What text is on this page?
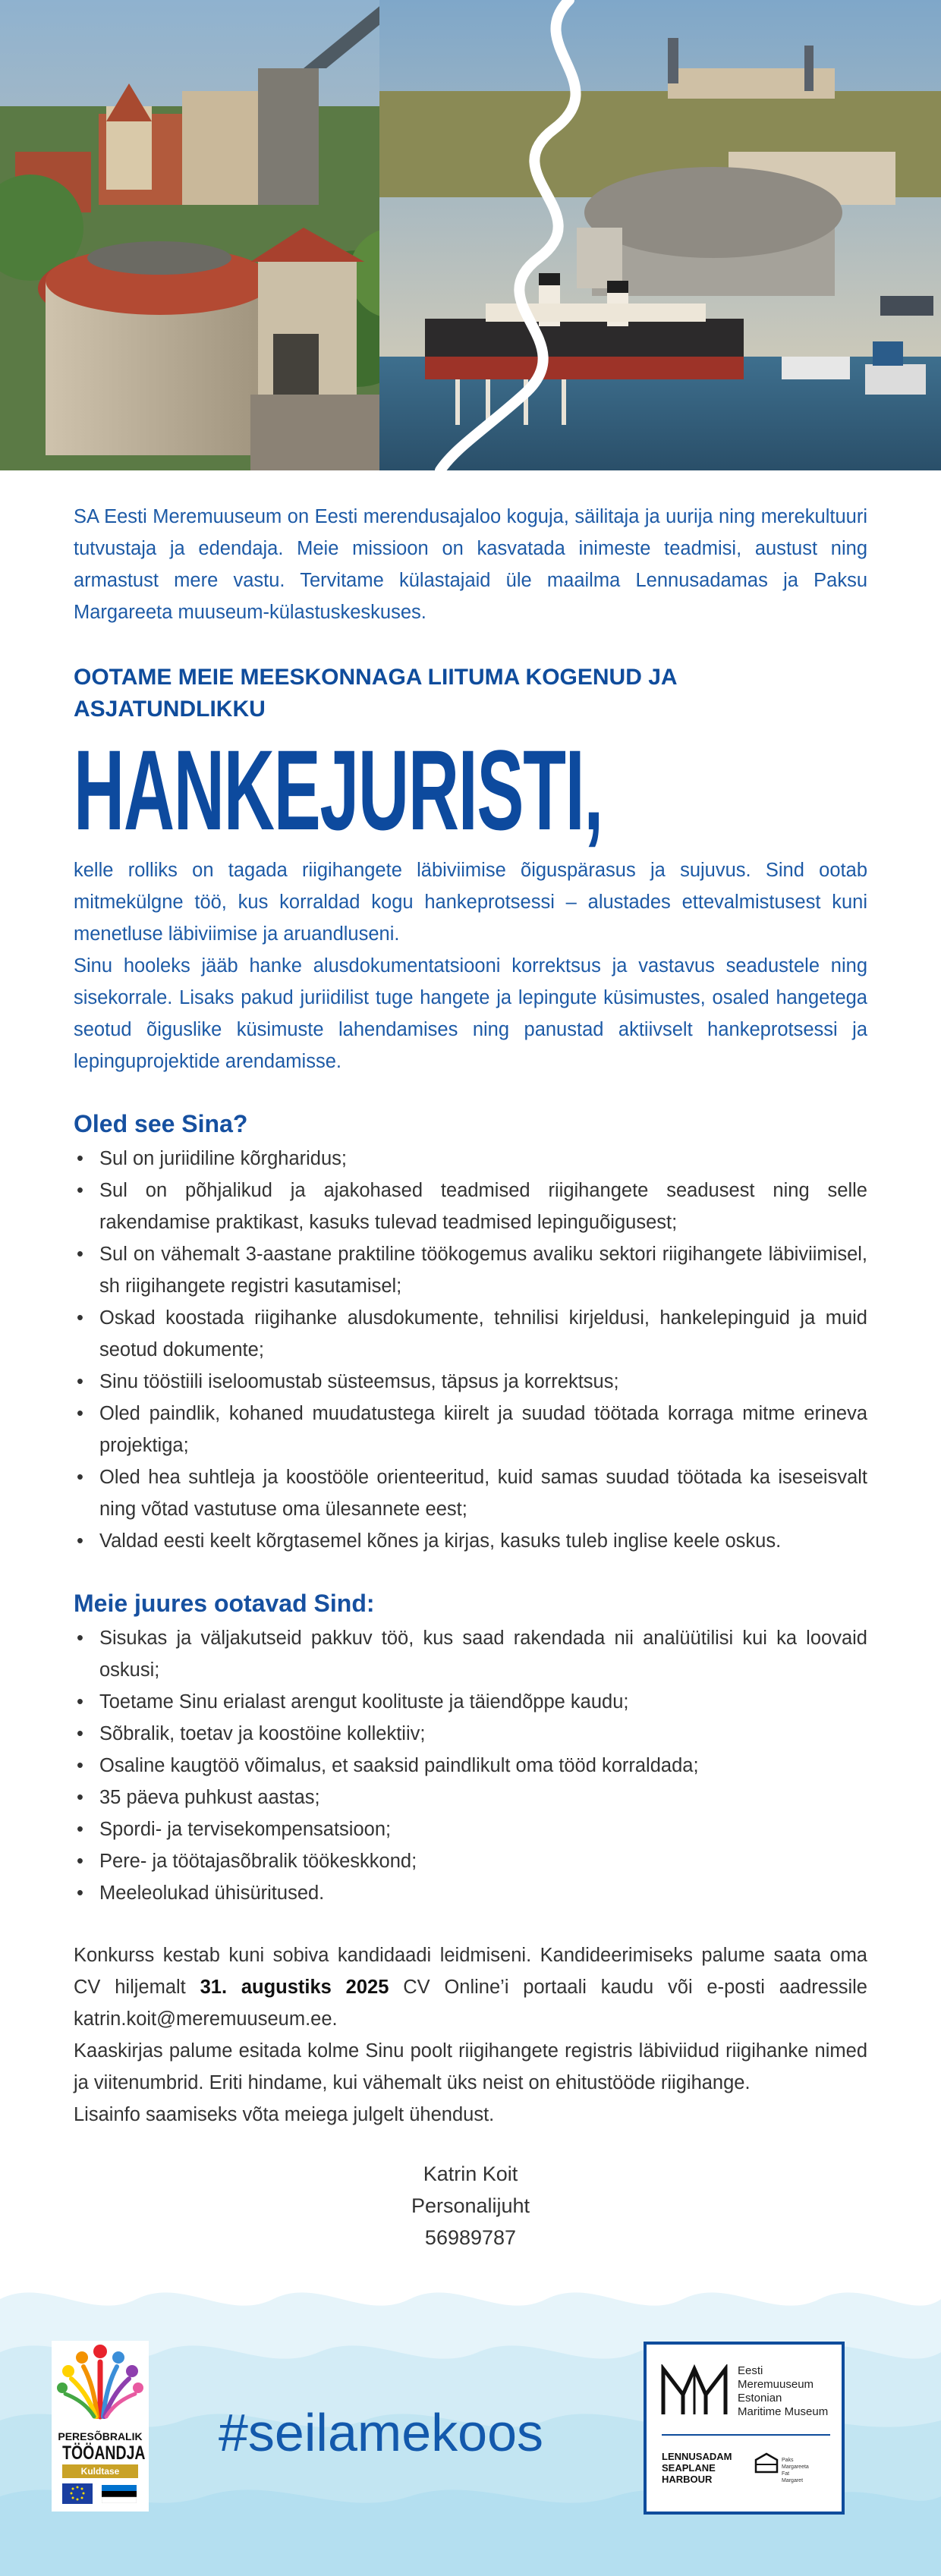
SA Eesti Meremuuseum on Eesti merendusajaloo koguja, säilitaja ja uurija ning merekultuuri tutvustaja ja edendaja. Meie missioon on kasvatada inimeste teadmisi, austust ning armastust mere vastu. Tervitame külastajaid üle maailma Lennusadamas ja Paksu Margareeta muuseum-külastuskeskuses.

OOTAME MEIE MEESKONNAGA LIITUMA KOGENUD JA ASJATUNDLIKKU
HANKEJURISTI,

kelle rolliks on tagada riigihangete läbiviimise õiguspärasus ja sujuvus. Sind ootab mitmekülgne töö, kus korraldad kogu hankeprotsessi – alustades ettevalmistusest kuni menetluse läbiviimise ja aruandluseni.

Sinu hooleks jääb hanke alusdokumentatsiooni korrektsus ja vastavus seadustele ning sisekorrale. Lisaks pakud juriidilist tuge hangete ja lepingute küsimustes, osaled hangetega seotud õiguslike küsimuste lahendamises ning panustad aktiivselt hankeprotsessi ja lepinguprojektide arendamisse.

Oled see Sina?
• Sul on juriidiline kõrgharidus;
• Sul on põhjalikud ja ajakohased teadmised riigihangete seadusest ning selle rakendamise praktikast, kasuks tulevad teadmised lepinguõigusest;
• Sul on vähemalt 3-aastane praktiline töökogemus avaliku sektori riigihangete läbiviimisel, sh riigihangete registri kasutamisel;
• Oskad koostada riigihanke alusdokumente, tehnilisi kirjeldusi, hankelepinguid ja muid seotud dokumente;
• Sinu tööstiili iseloomustab süsteemsus, täpsus ja korrektsus;
• Oled paindlik, kohaned muudatustega kiirelt ja suudad töötada korraga mitme erineva projektiga;
• Oled hea suhtleja ja koostööle orienteeritud, kuid samas suudad töötada ka iseseisvalt ning võtad vastutuse oma ülesannete eest;
• Valdad eesti keelt kõrgtasemel kõnes ja kirjas, kasuks tuleb inglise keele oskus.
Meie juures ootavad Sind:
• Sisukas ja väljakutseid pakkuv töö, kus saad rakendada nii analüütilisi kui ka loovaid oskusi;
• Toetame Sinu erialast arengut koolituste ja täiendõppe kaudu;
• Sõbralik, toetav ja koostöine kollektiiv;
• Osaline kaugtöö võimalus, et saaksid paindlikult oma tööd korraldada;
• 35 päeva puhkust aastas;
• Spordi- ja tervisekompensatsioon;
• Pere- ja töötajasõbralik töökeskkond;
• Meeleolukad ühisüritused.

Konkurss kestab kuni sobiva kandidaadi leidmiseni. Kandideerimiseks palume saata oma CV hiljemalt 31. augustiks 2025 CV Online’i portaali kaudu või e-posti aadressile katrin.koit@meremuuseum.ee.

Kaaskirjas palume esitada kolme Sinu poolt riigihangete registris läbiviidud riigihanke nimed ja viitenumbrid. Eriti hindame, kui vähemalt üks neist on ehitustööde riigihange.

Lisainfo saamiseks võta meiega julgelt ühendust.

Katrin Koit
Personalijuht
56989787
PERESÕBRALIK
TÖÖANDJA
Kuldtase
#seilamekoos
Eesti
Meremuuseum
Estonian
Maritime Museum
LENNUSADAM
SEAPLANE HARBOUR
Paks
Margareeta
Fat
Margaret
